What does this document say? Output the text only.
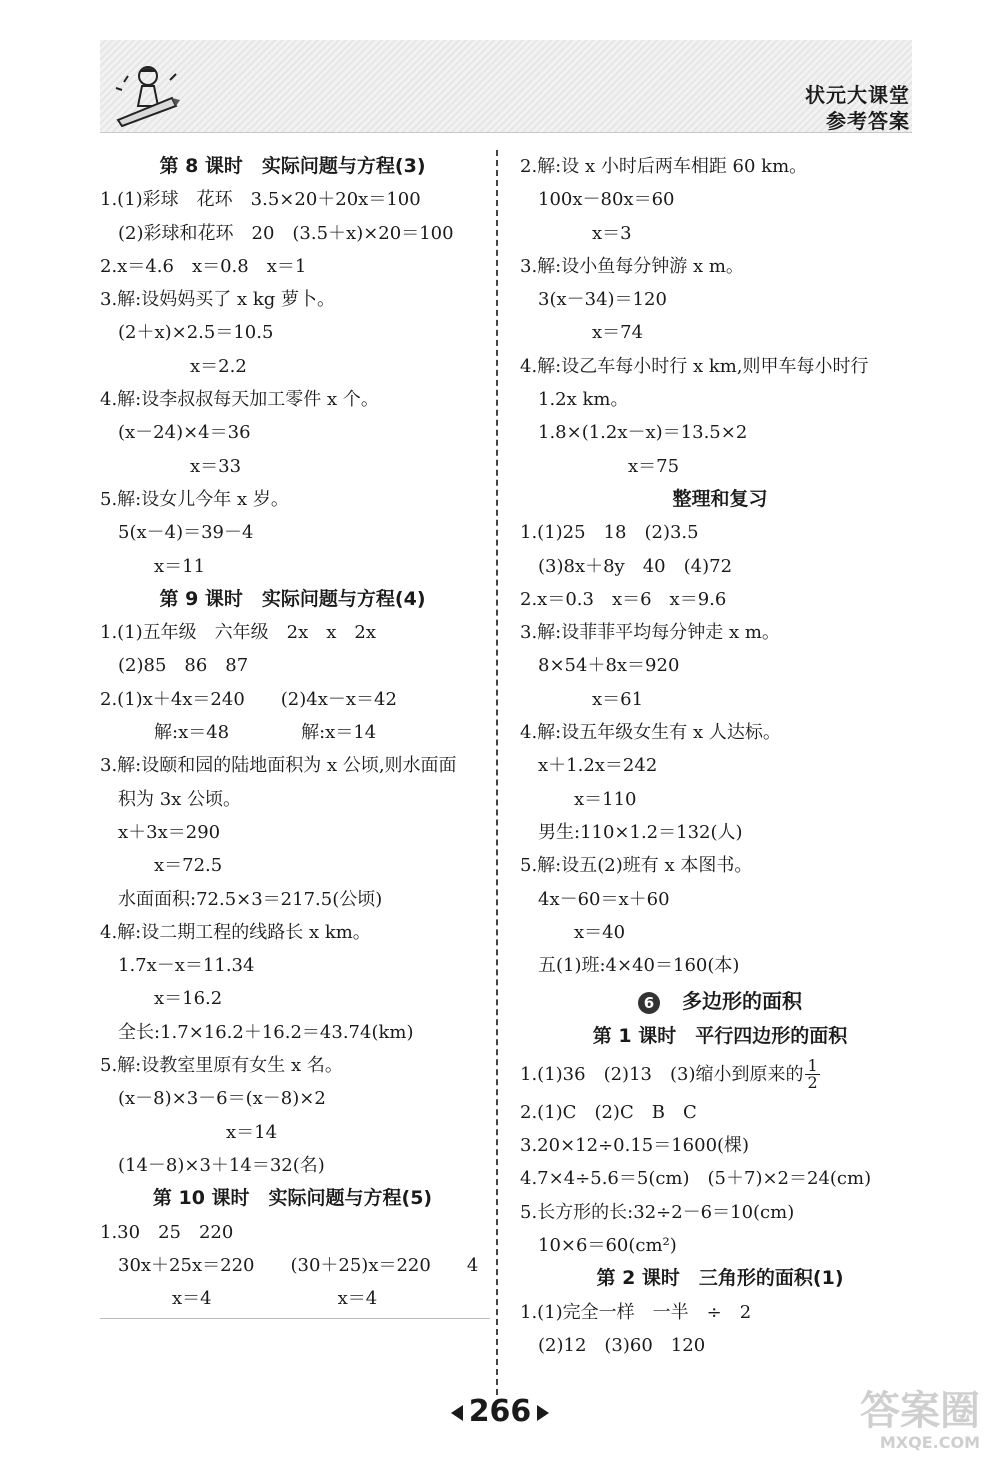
状元大课堂
参考答案
第 8 课时　实际问题与方程(3)
1.(1)彩球　花环　3.5×20＋20x＝100
　(2)彩球和花环　20　(3.5＋x)×20＝100
2.x＝4.6　x＝0.8　x＝1
3.解:设妈妈买了 x kg 萝卜。
　(2＋x)×2.5＝10.5
　　　　　x＝2.2
4.解:设李叔叔每天加工零件 x 个。
　(x－24)×4＝36
　　　　　x＝33
5.解:设女儿今年 x 岁。
　5(x－4)＝39－4
　　　x＝11
第 9 课时　实际问题与方程(4)
1.(1)五年级　六年级　2x　x　2x
　(2)85　86　87
2.(1)x＋4x＝240　　(2)4x－x＝42
　　　解:x＝48　　　　解:x＝14
3.解:设颐和园的陆地面积为 x 公顷,则水面面
　积为 3x 公顷。
　x＋3x＝290
　　　x＝72.5
　水面面积:72.5×3＝217.5(公顷)
4.解:设二期工程的线路长 x km。
　1.7x－x＝11.34
　　　x＝16.2
　全长:1.7×16.2＋16.2＝43.74(km)
5.解:设教室里原有女生 x 名。
　(x－8)×3－6＝(x－8)×2
　　　　　　　x＝14
　(14－8)×3＋14＝32(名)
第 10 课时　实际问题与方程(5)
1.30　25　220
　30x＋25x＝220　　(30＋25)x＝220　　4
　　　　x＝4　　　　　　　x＝4
2.解:设 x 小时后两车相距 60 km。
　100x－80x＝60
　　　　x＝3
3.解:设小鱼每分钟游 x m。
　3(x－34)＝120
　　　　x＝74
4.解:设乙车每小时行 x km,则甲车每小时行
　1.2x km。
　1.8×(1.2x－x)＝13.5×2
　　　　　　x＝75
整理和复习
1.(1)25　18　(2)3.5
　(3)8x＋8y　40　(4)72
2.x＝0.3　x＝6　x＝9.6
3.解:设菲菲平均每分钟走 x m。
　8×54＋8x＝920
　　　　x＝61
4.解:设五年级女生有 x 人达标。
　x＋1.2x＝242
　　　x＝110
　男生:110×1.2＝132(人)
5.解:设五(2)班有 x 本图书。
　4x－60＝x＋60
　　　x＝40
　五(1)班:4×40＝160(本)
6 多边形的面积
第 1 课时　平行四边形的面积
1.(1)36　(2)13　(3)缩小到原来的 $\frac{1}{2}$
2.(1)C　(2)C　B　C
3.20×12÷0.15＝1600(棵)
4.7×4÷5.6＝5(cm)　(5＋7)×2＝24(cm)
5.长方形的长:32÷2－6＝10(cm)
　10×6＝60(cm²)
第 2 课时　三角形的面积(1)
1.(1)完全一样　一半　÷　2
　(2)12　(3)60　120
266	答案圈
MXQE.COM
